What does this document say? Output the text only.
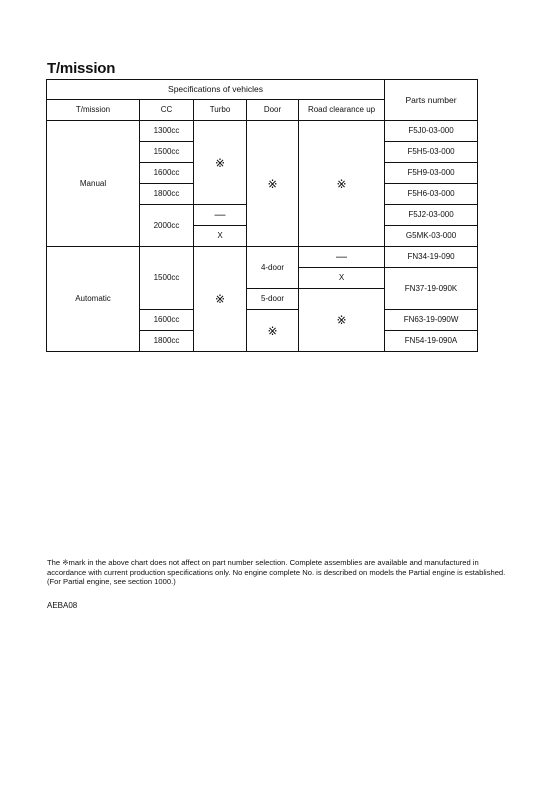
T/mission
Specifications of vehicles					Parts number
T/mission	CC	Turbo	Door	Road clearance up	
Manual	1300cc	※	※	※	F5J0-03-000
	1500cc				F5H5-03-000
	1600cc				F5H9-03-000
	1800cc				F5H6-03-000
	2000cc	—			F5J2-03-000
		X			G5MK-03-000
Automatic	1500cc	※	4-door	—	FN34-19-090
				X	FN37-19-090K
			5-door	※	
	1600cc		※		FN63-19-090W
	1800cc				FN54-19-090A

The ※mark in the above chart does not affect on part number selection. Complete assemblies are available and manufactured in accordance with current production specifications only. No engine complete No. is described on models the Partial engine is established. (For Partial engine, see section 1000.)

AEBA08
